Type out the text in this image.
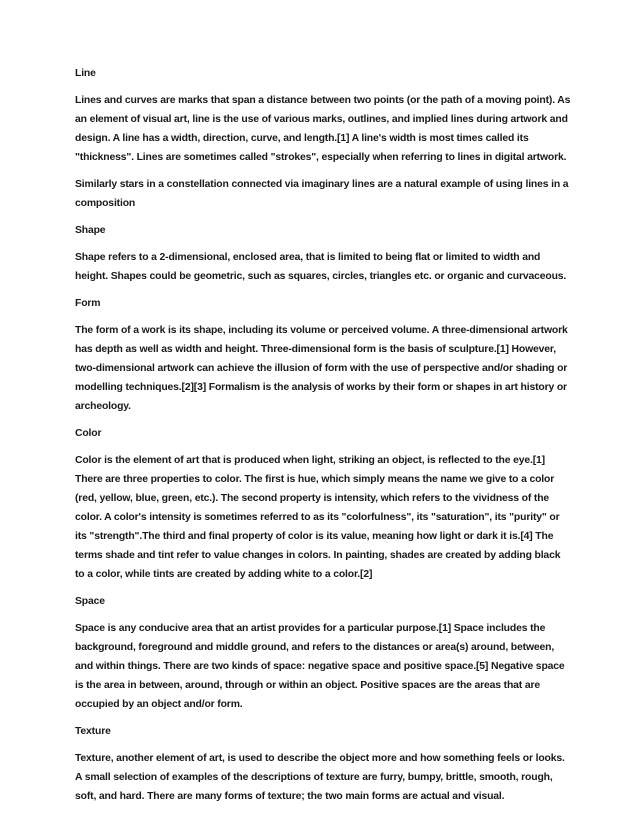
Line

Lines and curves are marks that span a distance between two points (or the path of a moving point). As an element of visual art, line is the use of various marks, outlines, and implied lines during artwork and design. A line has a width, direction, curve, and length.[1] A line's width is most times called its "thickness". Lines are sometimes called "strokes", especially when referring to lines in digital artwork.

Similarly stars in a constellation connected via imaginary lines are a natural example of using lines in a composition

Shape

Shape refers to a 2-dimensional, enclosed area, that is limited to being flat or limited to width and height. Shapes could be geometric, such as squares, circles, triangles etc. or organic and curvaceous.

Form

The form of a work is its shape, including its volume or perceived volume. A three-dimensional artwork has depth as well as width and height. Three-dimensional form is the basis of sculpture.[1] However, two-dimensional artwork can achieve the illusion of form with the use of perspective and/or shading or modelling techniques.[2][3] Formalism is the analysis of works by their form or shapes in art history or archeology.

Color

Color is the element of art that is produced when light, striking an object, is reflected to the eye.[1] There are three properties to color. The first is hue, which simply means the name we give to a color (red, yellow, blue, green, etc.). The second property is intensity, which refers to the vividness of the color. A color's intensity is sometimes referred to as its "colorfulness", its "saturation", its "purity" or its "strength".The third and final property of color is its value, meaning how light or dark it is.[4] The terms shade and tint refer to value changes in colors. In painting, shades are created by adding black to a color, while tints are created by adding white to a color.[2]

Space

Space is any conducive area that an artist provides for a particular purpose.[1] Space includes the background, foreground and middle ground, and refers to the distances or area(s) around, between, and within things. There are two kinds of space: negative space and positive space.[5] Negative space is the area in between, around, through or within an object. Positive spaces are the areas that are occupied by an object and/or form.

Texture

Texture, another element of art, is used to describe the object more and how something feels or looks. A small selection of examples of the descriptions of texture are furry, bumpy, brittle, smooth, rough, soft, and hard. There are many forms of texture; the two main forms are actual and visual.
